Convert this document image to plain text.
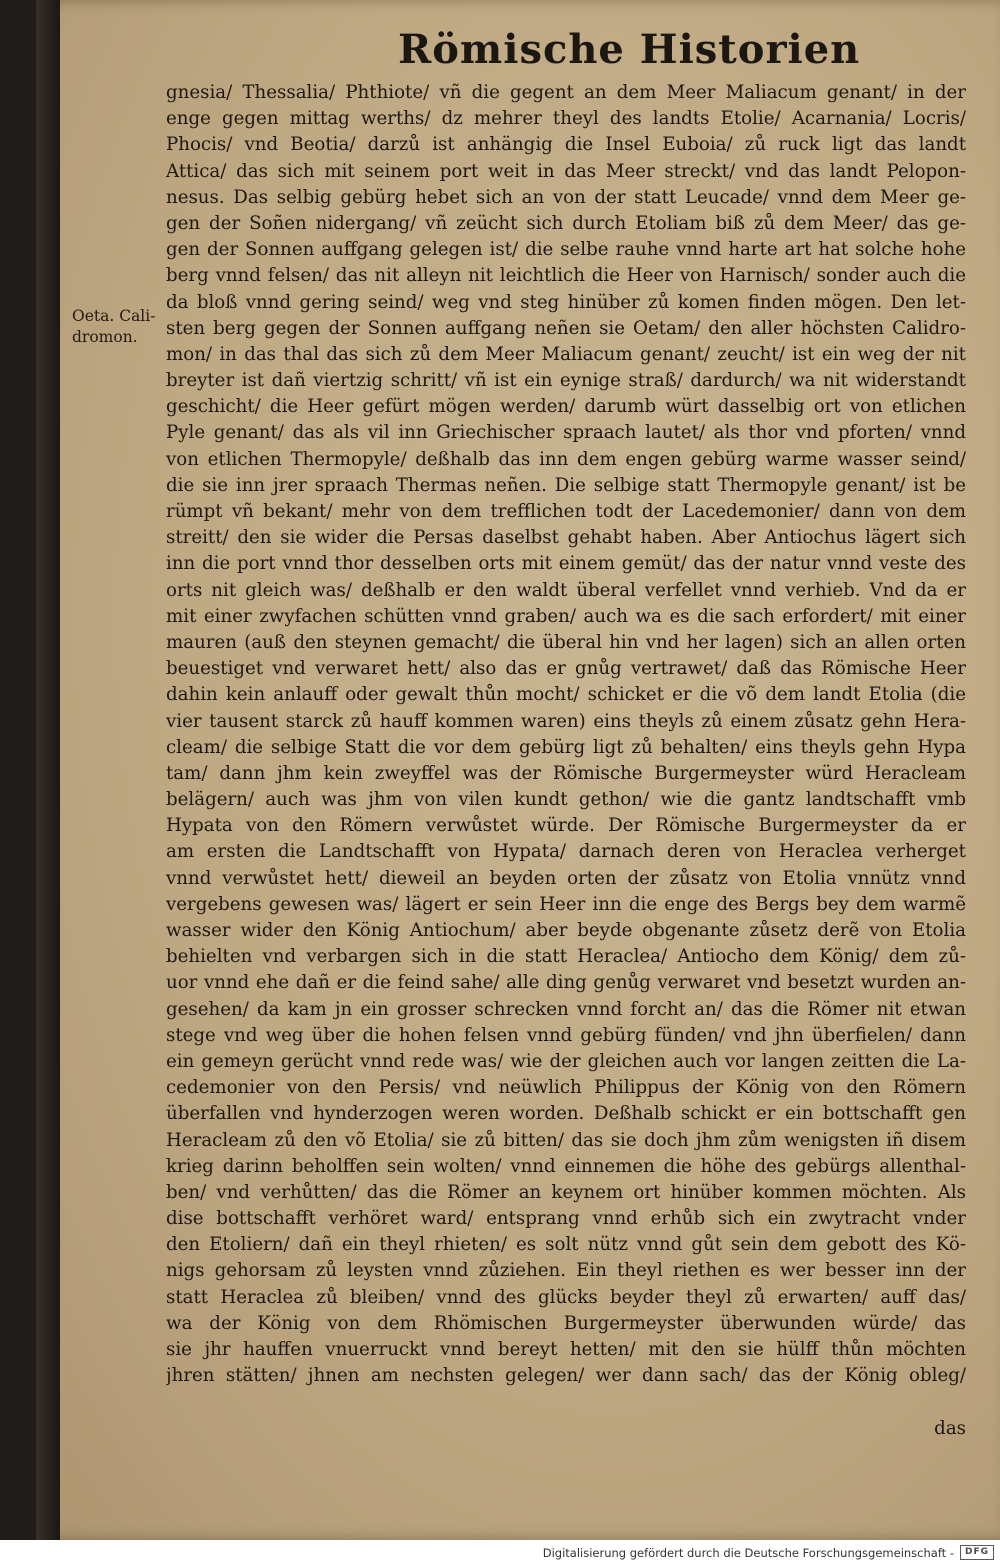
Römische Historien
Oeta. Cali-
dromon.
gnesia/ Thessalia/ Phthiote/ vñ die gegent an dem Meer Maliacum genant/ in der
enge gegen mittag werths/ dz mehrer theyl des landts Etolie/ Acarnania/ Locris/
Phocis/ vnd Beotia/ darzů ist anhängig die Insel Euboia/ zů ruck ligt das landt
Attica/ das sich mit seinem port weit in das Meer streckt/ vnd das landt Pelopon-
nesus. Das selbig gebürg hebet sich an von der statt Leucade/ vnnd dem Meer ge-
gen der Soñen nidergang/ vñ zeücht sich durch Etoliam biß zů dem Meer/ das ge-
gen der Sonnen auffgang gelegen ist/ die selbe rauhe vnnd harte art hat solche hohe
berg vnnd felsen/ das nit alleyn nit leichtlich die Heer von Harnisch/ sonder auch die
da bloß vnnd gering seind/ weg vnd steg hinüber zů komen finden mögen. Den let-
sten berg gegen der Sonnen auffgang neñen sie Oetam/ den aller höchsten Calidro-
mon/ in das thal das sich zů dem Meer Maliacum genant/ zeucht/ ist ein weg der nit
breyter ist dañ viertzig schritt/ vñ ist ein eynige straß/ dardurch/ wa nit widerstandt
geschicht/ die Heer gefürt mögen werden/ darumb würt dasselbig ort von etlichen
Pyle genant/ das als vil inn Griechischer spraach lautet/ als thor vnd pforten/ vnnd
von etlichen Thermopyle/ deßhalb das inn dem engen gebürg warme wasser seind/
die sie inn jrer spraach Thermas neñen. Die selbige statt Thermopyle genant/ ist be
rümpt vñ bekant/ mehr von dem trefflichen todt der Lacedemonier/ dann von dem
streitt/ den sie wider die Persas daselbst gehabt haben. Aber Antiochus lägert sich
inn die port vnnd thor desselben orts mit einem gemüt/ das der natur vnnd veste des
orts nit gleich was/ deßhalb er den waldt überal verfellet vnnd verhieb. Vnd da er
mit einer zwyfachen schütten vnnd graben/ auch wa es die sach erfordert/ mit einer
mauren (auß den steynen gemacht/ die überal hin vnd her lagen) sich an allen orten
beuestiget vnd verwaret hett/ also das er gnůg vertrawet/ daß das Römische Heer
dahin kein anlauff oder gewalt thůn mocht/ schicket er die võ dem landt Etolia (die
vier tausent starck zů hauff kommen waren) eins theyls zů einem zůsatz gehn Hera-
cleam/ die selbige Statt die vor dem gebürg ligt zů behalten/ eins theyls gehn Hypa
tam/ dann jhm kein zweyffel was der Römische Burgermeyster würd Heracleam
belägern/ auch was jhm von vilen kundt gethon/ wie die gantz landtschafft vmb
Hypata von den Römern verwůstet würde. Der Römische Burgermeyster da er
am ersten die Landtschafft von Hypata/ darnach deren von Heraclea verherget
vnnd verwůstet hett/ dieweil an beyden orten der zůsatz von Etolia vnnütz vnnd
vergebens gewesen was/ lägert er sein Heer inn die enge des Bergs bey dem warmẽ
wasser wider den König Antiochum/ aber beyde obgenante zůsetz derẽ von Etolia
behielten vnd verbargen sich in die statt Heraclea/ Antiocho dem König/ dem zů-
uor vnnd ehe dañ er die feind sahe/ alle ding genůg verwaret vnd besetzt wurden an-
gesehen/ da kam jn ein grosser schrecken vnnd forcht an/ das die Römer nit etwan
stege vnd weg über die hohen felsen vnnd gebürg fünden/ vnd jhn überfielen/ dann
ein gemeyn gerücht vnnd rede was/ wie der gleichen auch vor langen zeitten die La-
cedemonier von den Persis/ vnd neüwlich Philippus der König von den Römern
überfallen vnd hynderzogen weren worden. Deßhalb schickt er ein bottschafft gen
Heracleam zů den võ Etolia/ sie zů bitten/ das sie doch jhm zům wenigsten iñ disem
krieg darinn beholffen sein wolten/ vnnd einnemen die höhe des gebürgs allenthal-
ben/ vnd verhůtten/ das die Römer an keynem ort hinüber kommen möchten. Als
dise bottschafft verhöret ward/ entsprang vnnd erhůb sich ein zwytracht vnder
den Etoliern/ dañ ein theyl rhieten/ es solt nütz vnnd gůt sein dem gebott des Kö-
nigs gehorsam zů leysten vnnd zůziehen. Ein theyl riethen es wer besser inn der
statt Heraclea zů bleiben/ vnnd des glücks beyder theyl zů erwarten/ auff das/
wa der König von dem Rhömischen Burgermeyster überwunden würde/ das
sie jhr hauffen vnuerruckt vnnd bereyt hetten/ mit den sie hülff thůn möchten
jhren stätten/ jhnen am nechsten gelegen/ wer dann sach/ das der König obleg/
das
Digitalisierung gefördert durch die Deutsche Forschungsgemeinschaft -	DFG
